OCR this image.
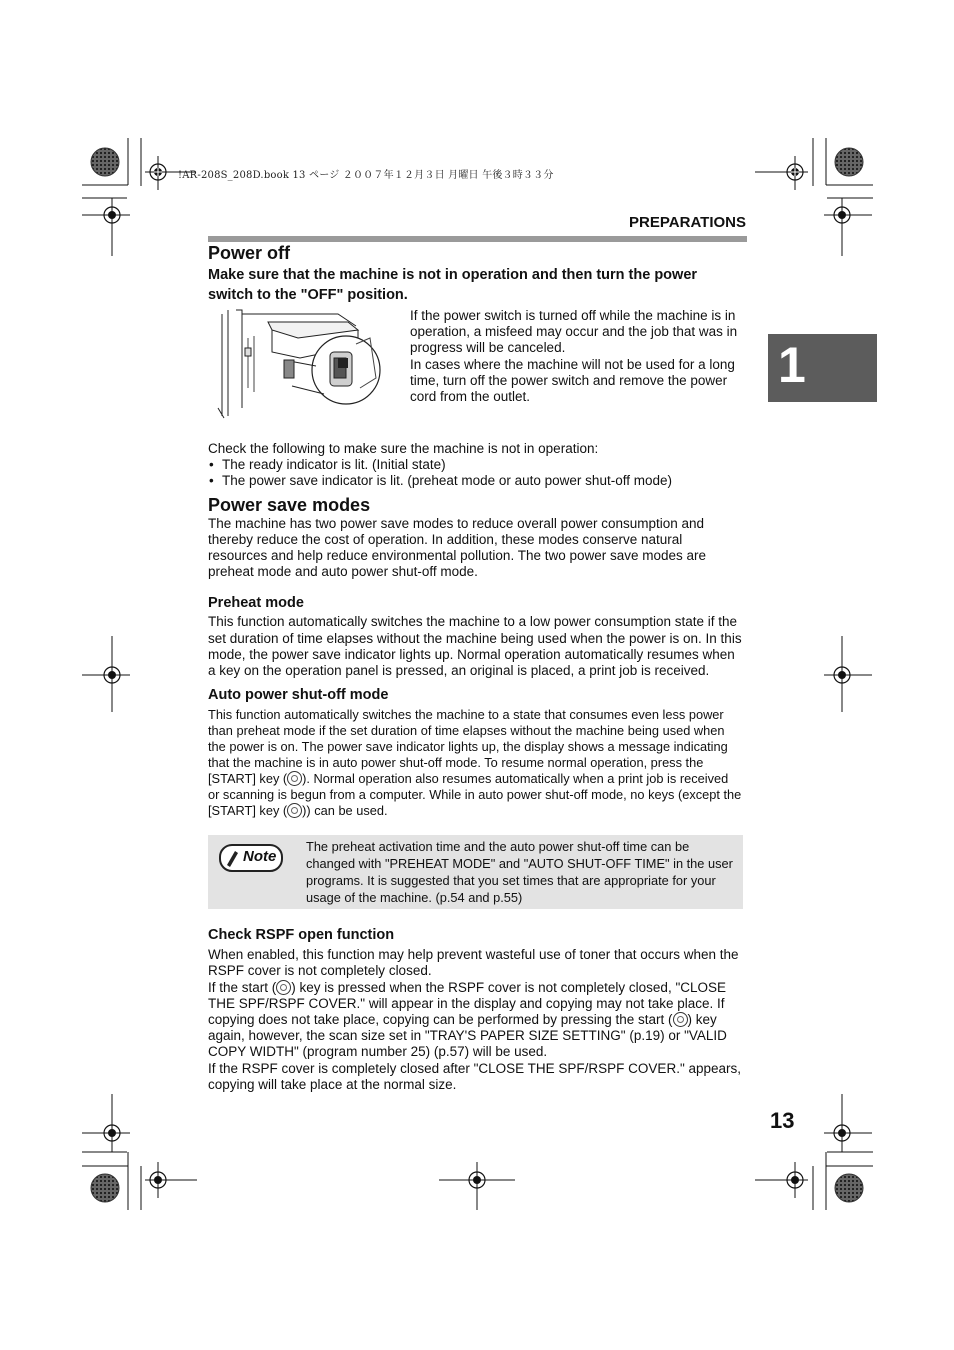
!AR-208S_208D.book 13 ページ ２００７年１２月３日 月曜日 午後３時３３分
PREPARATIONS
1
Power off

Make sure that the machine is not in operation and then turn the power switch to the "OFF" position.

If the power switch is turned off while the machine is in operation, a misfeed may occur and the job that was in progress will be canceled.

In cases where the machine will not be used for a long time, turn off the power switch and remove the power cord from the outlet.

Check the following to make sure the machine is not in operation:

• The ready indicator is lit. (Initial state)
• The power save indicator is lit. (preheat mode or auto power shut-off mode)
Power save modes

The machine has two power save modes to reduce overall power consumption and thereby reduce the cost of operation. In addition, these modes conserve natural resources and help reduce environmental pollution. The two power save modes are preheat mode and auto power shut-off mode.

Preheat mode

This function automatically switches the machine to a low power consumption state if the set duration of time elapses without the machine being used when the power is on. In this mode, the power save indicator lights up. Normal operation automatically resumes when a key on the operation panel is pressed, an original is placed, a print job is received.

Auto power shut-off mode

This function automatically switches the machine to a state that consumes even less power than preheat mode if the set duration of time elapses without the machine being used when the power is on. The power save indicator lights up, the display shows a message indicating that the machine is in auto power shut-off mode. To resume normal operation, press the [START] key ( ). Normal operation also resumes automatically when a print job is received or scanning is begun from a computer. While in auto power shut-off mode, no keys (except the [START] key ( )) can be used.

Note
The preheat activation time and the auto power shut-off time can be changed with "PREHEAT MODE" and "AUTO SHUT-OFF TIME" in the user programs. It is suggested that you set times that are appropriate for your usage of the machine. (p.54 and p.55)
Check RSPF open function

When enabled, this function may help prevent wasteful use of toner that occurs when the RSPF cover is not completely closed.

If the start ( ) key is pressed when the RSPF cover is not completely closed, "CLOSE THE SPF/RSPF COVER." will appear in the display and copying may not take place. If copying does not take place, copying can be performed by pressing the start ( ) key again, however, the scan size set in "TRAY'S PAPER SIZE SETTING" (p.19) or "VALID COPY WIDTH" (program number 25) (p.57) will be used.

If the RSPF cover is completely closed after "CLOSE THE SPF/RSPF COVER." appears, copying will take place at the normal size.

13
